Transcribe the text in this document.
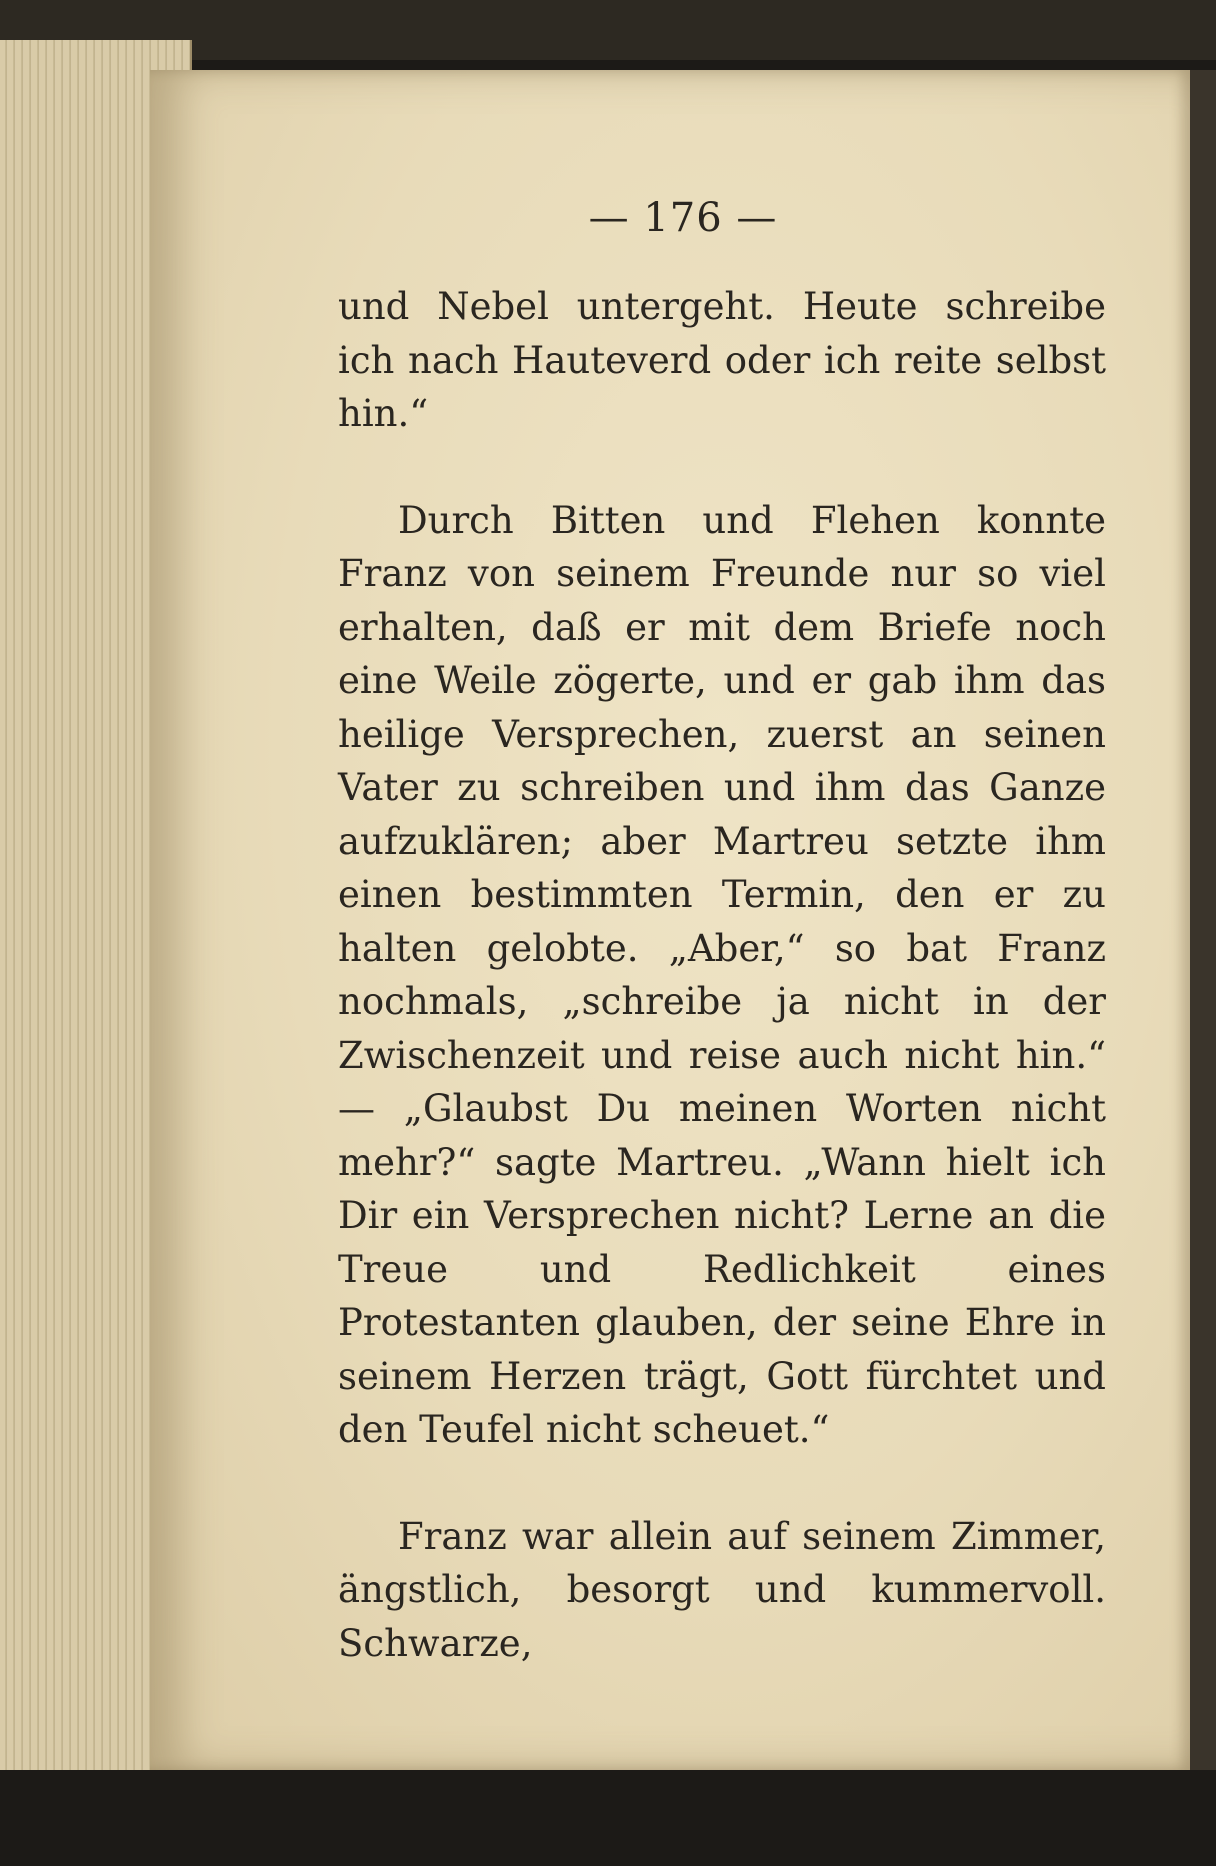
— 176 —

und Nebel untergeht. Heute schreibe ich nach Hauteverd oder ich reite selbst hin.“

Durch Bitten und Flehen konnte Franz von seinem Freunde nur so viel erhalten, daß er mit dem Briefe noch eine Weile zögerte, und er gab ihm das heilige Versprechen, zuerst an seinen Vater zu schreiben und ihm das Ganze aufzuklären; aber Martreu setzte ihm einen bestimmten Termin, den er zu halten gelobte. „Aber,“ so bat Franz nochmals, „schreibe ja nicht in der Zwischenzeit und reise auch nicht hin.“ — „Glaubst Du meinen Worten nicht mehr?“ sagte Martreu. „Wann hielt ich Dir ein Versprechen nicht? Lerne an die Treue und Redlichkeit eines Protestanten glauben, der seine Ehre in seinem Herzen trägt, Gott fürchtet und den Teufel nicht scheuet.“

Franz war allein auf seinem Zimmer, ängstlich, besorgt und kummervoll. Schwarze,
